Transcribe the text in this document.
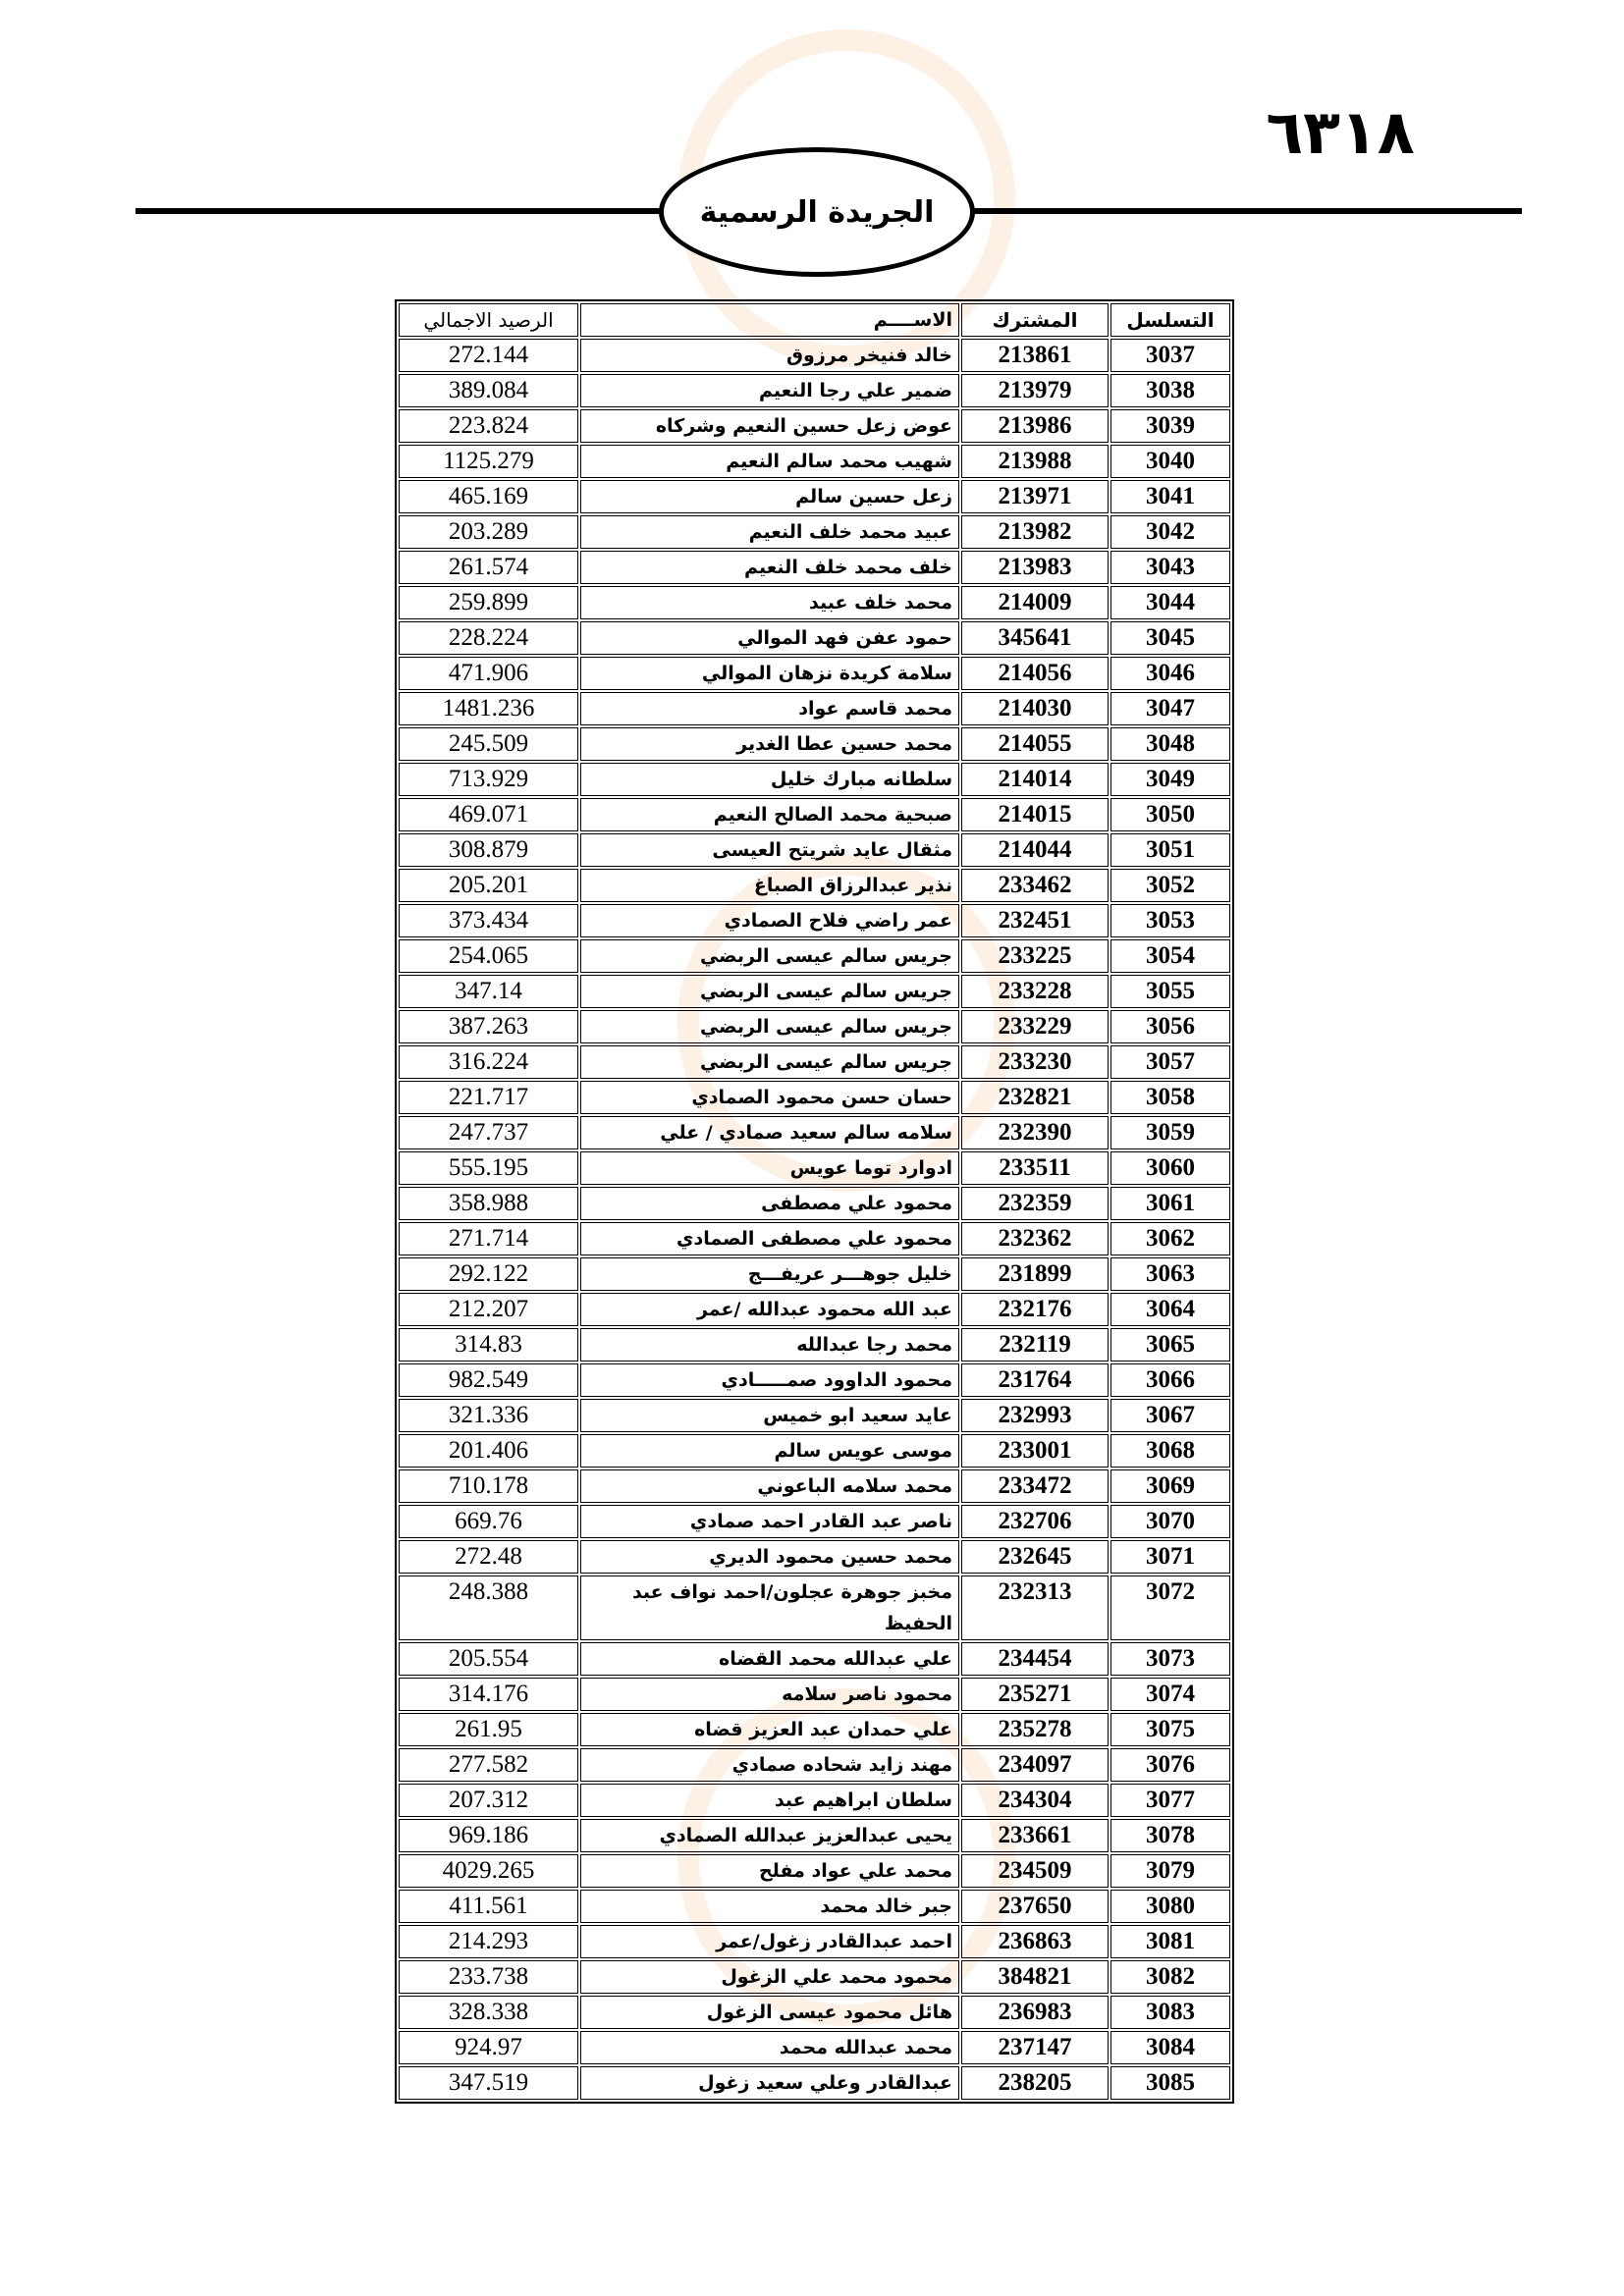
٦٣١٨
الجريدة الرسمية
التسلسل	المشترك	الاســــم	الرصيد الاجمالي
3037	213861	خالد فنيخر مرزوق	272.144
3038	213979	ضمير علي رجا النعيم	389.084
3039	213986	عوض زعل حسين النعيم وشركاه	223.824
3040	213988	شهيب محمد سالم النعيم	1125.279
3041	213971	زعل حسين سالم	465.169
3042	213982	عبيد محمد خلف النعيم	203.289
3043	213983	خلف محمد خلف النعيم	261.574
3044	214009	محمد خلف عبيد	259.899
3045	345641	حمود عفن فهد الموالي	228.224
3046	214056	سلامة كريدة نزهان الموالي	471.906
3047	214030	محمد قاسم عواد	1481.236
3048	214055	محمد حسين عطا الغدير	245.509
3049	214014	سلطانه مبارك خليل	713.929
3050	214015	صبحية محمد الصالح النعيم	469.071
3051	214044	مثقال عايد شريتح العيسى	308.879
3052	233462	نذير عبدالرزاق الصباغ	205.201
3053	232451	عمر راضي فلاح الصمادي	373.434
3054	233225	جريس سالم عيسى الربضي	254.065
3055	233228	جريس سالم عيسى الربضي	347.14
3056	233229	جريس سالم عيسى الربضي	387.263
3057	233230	جريس سالم عيسى الربضي	316.224
3058	232821	حسان حسن محمود الصمادي	221.717
3059	232390	سلامه سالم سعيد صمادي / علي	247.737
3060	233511	ادوارد توما عويس	555.195
3061	232359	محمود علي مصطفى	358.988
3062	232362	محمود علي مصطفى الصمادي	271.714
3063	231899	خليل جوهـــر عريفـــج	292.122
3064	232176	عبد الله محمود عبدالله /عمر	212.207
3065	232119	محمد رجا عبدالله	314.83
3066	231764	محمود الداوود صمـــــادي	982.549
3067	232993	عايد سعيد ابو خميس	321.336
3068	233001	موسى عويس سالم	201.406
3069	233472	محمد سلامه الباعوني	710.178
3070	232706	ناصر عبد القادر احمد صمادي	669.76
3071	232645	محمد حسين محمود الديري	272.48
3072	232313	مخبز جوهرة عجلون/احمد نواف عبد الحفيظ	248.388
3073	234454	علي عبدالله محمد القضاه	205.554
3074	235271	محمود ناصر سلامه	314.176
3075	235278	علي حمدان عبد العزيز قضاه	261.95
3076	234097	مهند زايد شحاده صمادي	277.582
3077	234304	سلطان ابراهيم عبد	207.312
3078	233661	يحيى عبدالعزيز عبدالله الصمادي	969.186
3079	234509	محمد علي عواد مفلح	4029.265
3080	237650	جبر خالد محمد	411.561
3081	236863	احمد عبدالقادر زغول/عمر	214.293
3082	384821	محمود محمد علي الزغول	233.738
3083	236983	هائل محمود عيسى الزغول	328.338
3084	237147	محمد عبدالله محمد	924.97
3085	238205	عبدالقادر وعلي سعيد زغول	347.519
